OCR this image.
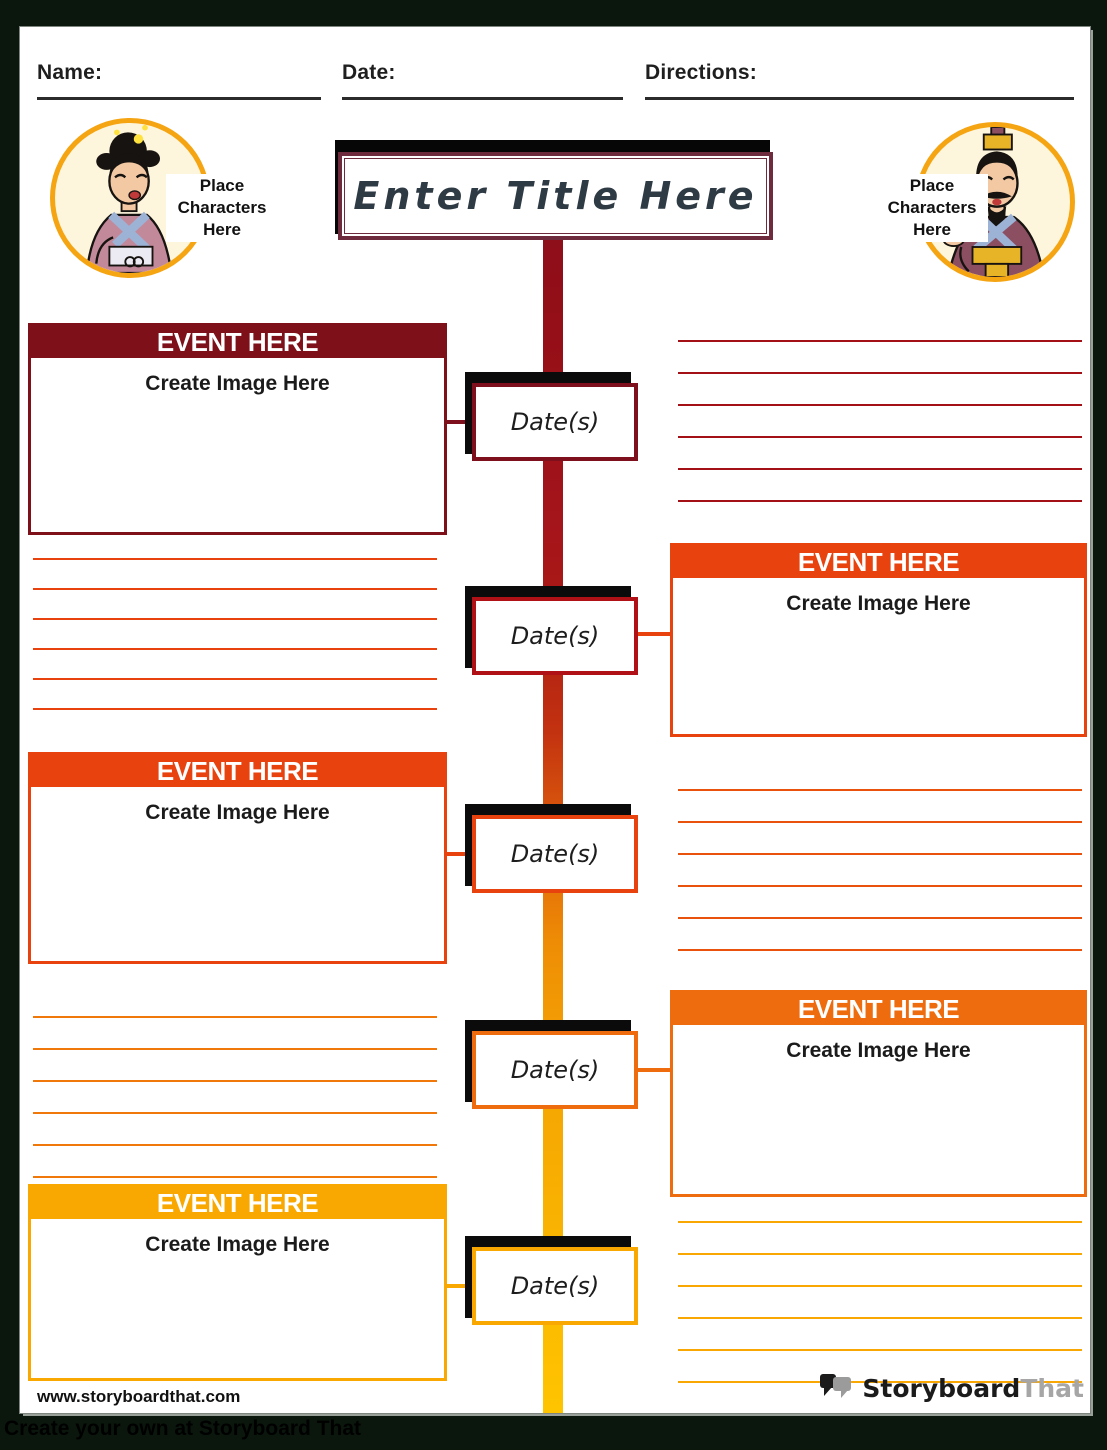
Name:	Date:	Directions:
Place
Characters
Here
Place
Characters
Here
Enter Title Here
EVENT HERE
Create Image Here
EVENT HERE
Create Image Here
EVENT HERE
Create Image Here
EVENT HERE
Create Image Here
EVENT HERE
Create Image Here
Date(s)
Date(s)
Date(s)
Date(s)
Date(s)
www.storyboardthat.com	StoryboardThat
Create your own at Storyboard That
